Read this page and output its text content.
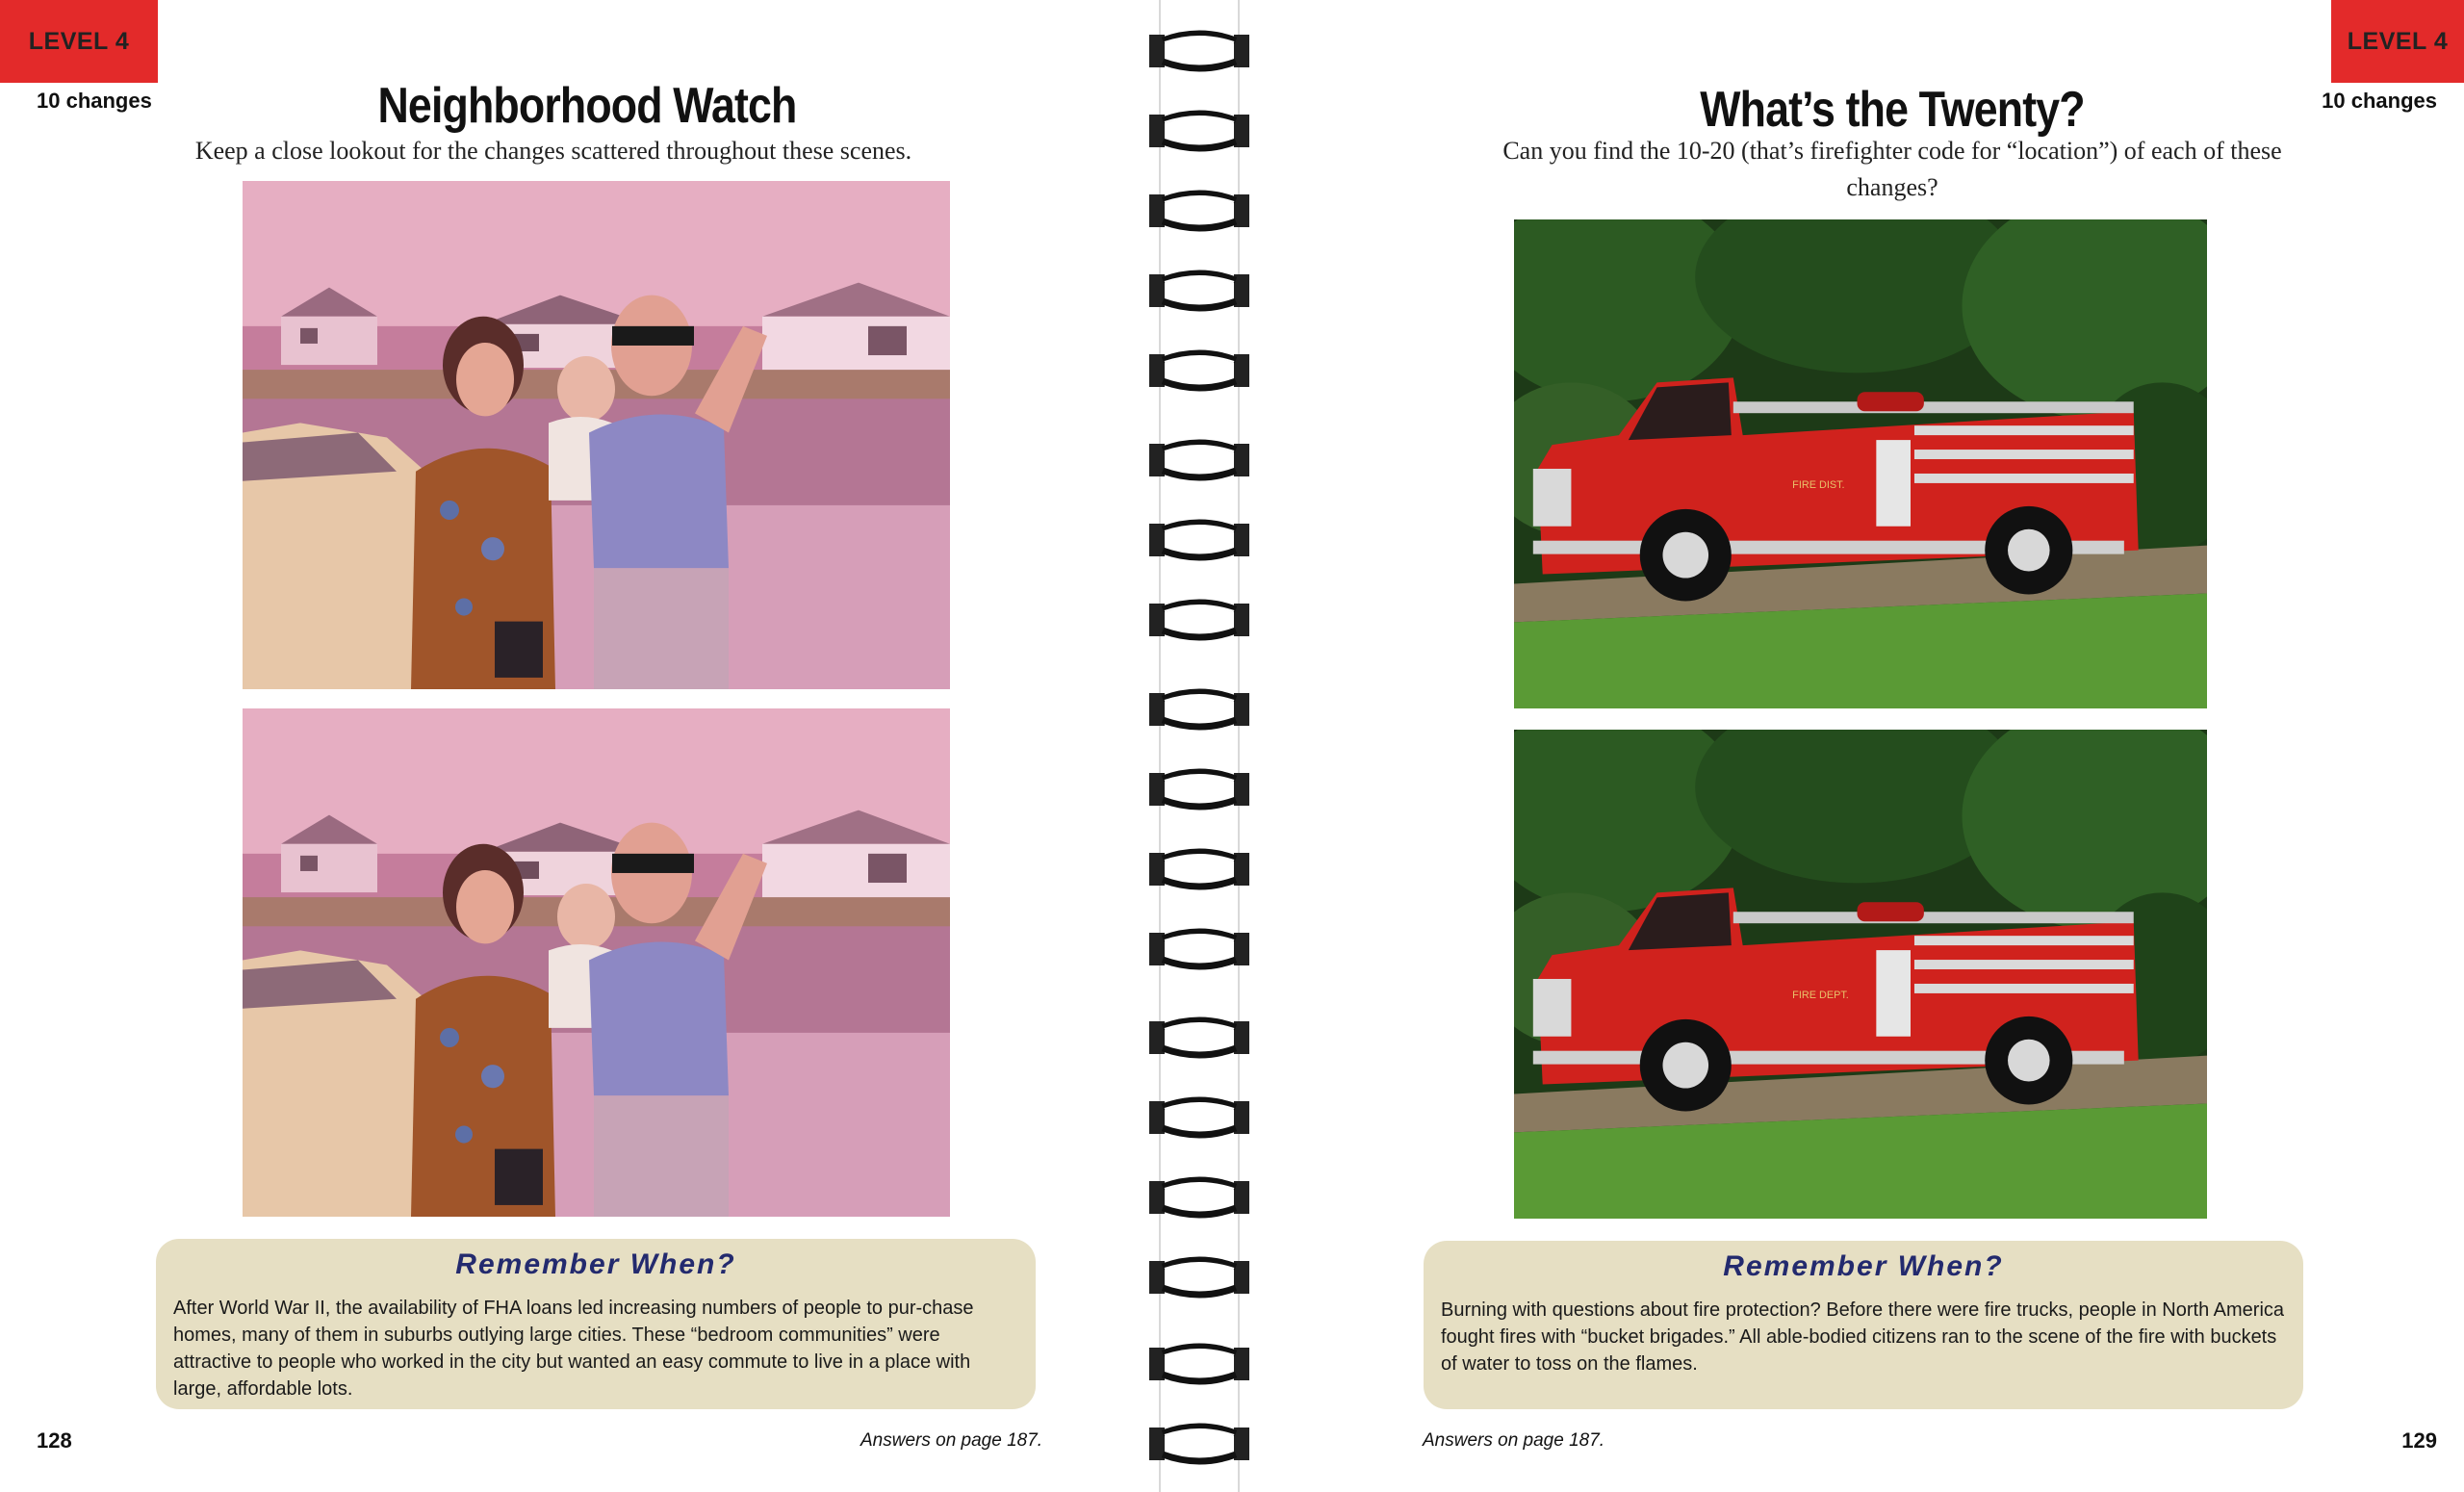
LEVEL 4
10 changes	Neighborhood Watch
Keep a close lookout for the changes scattered throughout these scenes.
Remember When?
After World War II, the availability of FHA loans led increasing numbers of people to pur-chase homes, many of them in suburbs outlying large cities. These “bedroom communities” were attractive to people who worked in the city but wanted an easy commute to live in a place with large, affordable lots.
128	Answers on page 187.
LEVEL 4
10 changes
What’s the Twenty?
Can you find the 10-20 (that’s firefighter code for “location”) of each of these changes?
FIRE DIST.
FIRE DEPT.
Remember When?
Burning with questions about fire protection? Before there were fire trucks, people in North America fought fires with “bucket brigades.” All able-bodied citizens ran to the scene of the fire with buckets of water to toss on the flames.
129
Answers on page 187.
